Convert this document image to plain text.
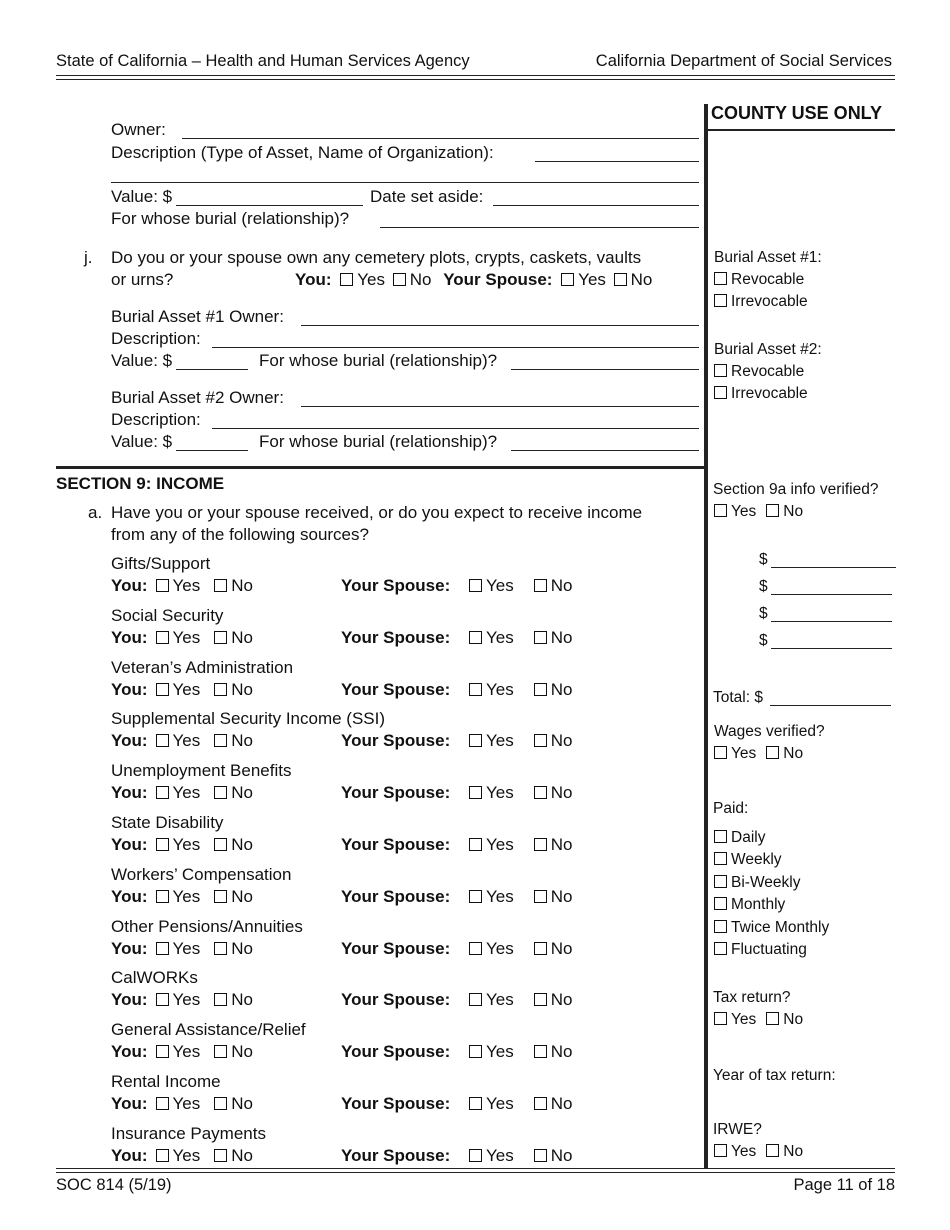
State of California – Health and Human Services Agency	California Department of Social Services
COUNTY USE ONLY
Owner:
Description (Type of Asset, Name of Organization):
Value: $	Date set aside:
For whose burial (relationship)?
j. Do you or your spouse own any cemetery plots, crypts, caskets, vaults
or urns?	You: Yes No Your Spouse: Yes No
Burial Asset #1 Owner:
Description:
Value: $	For whose burial (relationship)?
Burial Asset #2 Owner:
Description:
Value: $	For whose burial (relationship)?
Burial Asset #1:
Revocable
Irrevocable
Burial Asset #2:
Revocable
Irrevocable
SECTION 9: INCOME
a. Have you or your spouse received, or do you expect to receive income
from any of the following sources?
Gifts/Support
You: Yes No	Your Spouse:	Yes No
Social Security
You: Yes No	Your Spouse:	Yes No
Veteran’s Administration
You: Yes No	Your Spouse:	Yes No
Supplemental Security Income (SSI)
You: Yes No	Your Spouse:	Yes No
Unemployment Benefits
You: Yes No	Your Spouse:	Yes No
State Disability
You: Yes No	Your Spouse:	Yes No
Workers’ Compensation
You: Yes No	Your Spouse:	Yes No
Other Pensions/Annuities
You: Yes No	Your Spouse:	Yes No
CalWORKs
You: Yes No	Your Spouse:	Yes No
General Assistance/Relief
You: Yes No	Your Spouse:	Yes No
Rental Income
You: Yes No	Your Spouse:	Yes No
Insurance Payments
You: Yes No	Your Spouse:	Yes No
Section 9a info verified?
Yes No
$
$
$
$
Total: $
Wages verified?
Yes No
Paid:
Daily
Weekly
Bi-Weekly
Monthly
Twice Monthly
Fluctuating
Tax return?
Yes No
Year of tax return:
IRWE?
Yes No
SOC 814 (5/19)	Page 11 of 18
